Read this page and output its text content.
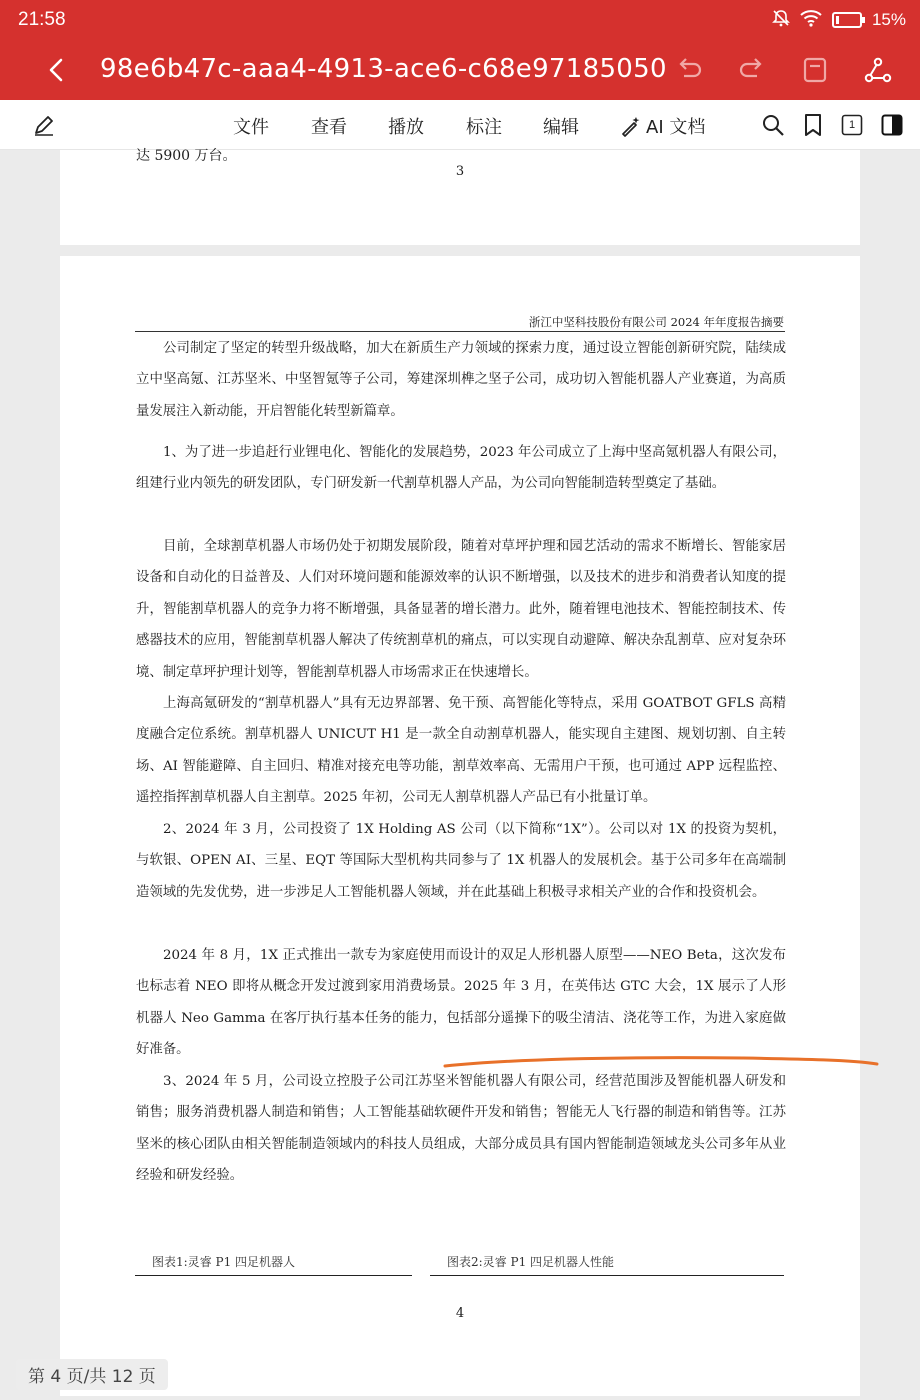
21:58	15%
98e6b47c-aaa4-4913-ace6-c68e97185050
文件 查看 播放 标注 编辑	AI 文档	1
达 5900 万台。
3
浙江中坚科技股份有限公司 2024 年年度报告摘要

公司制定了坚定的转型升级战略，加大在新质生产力领域的探索力度，通过设立智能创新研究院，陆续成立中坚高氪、江苏坚米、中坚智氪等子公司，筹建深圳榫之坚子公司，成功切入智能机器人产业赛道，为高质量发展注入新动能，开启智能化转型新篇章。

1、为了进一步追赶行业锂电化、智能化的发展趋势，2023 年公司成立了上海中坚高氪机器人有限公司，组建行业内领先的研发团队，专门研发新一代割草机器人产品，为公司向智能制造转型奠定了基础。

目前，全球割草机器人市场仍处于初期发展阶段，随着对草坪护理和园艺活动的需求不断增长、智能家居设备和自动化的日益普及、人们对环境问题和能源效率的认识不断增强，以及技术的进步和消费者认知度的提升，智能割草机器人的竞争力将不断增强，具备显著的增长潜力。此外，随着锂电池技术、智能控制技术、传感器技术的应用，智能割草机器人解决了传统割草机的痛点，可以实现自动避障、解决杂乱割草、应对复杂环境、制定草坪护理计划等，智能割草机器人市场需求正在快速增长。

上海高氪研发的“割草机器人”具有无边界部署、免干预、高智能化等特点，采用 GOATBOT GFLS 高精度融合定位系统。割草机器人 UNICUT H1 是一款全自动割草机器人，能实现自主建图、规划切割、自主转场、AI 智能避障、自主回归、精准对接充电等功能，割草效率高、无需用户干预，也可通过 APP 远程监控、遥控指挥割草机器人自主割草。2025 年初，公司无人割草机器人产品已有小批量订单。

2、2024 年 3 月，公司投资了 1X Holding AS 公司（以下简称“1X”）。公司以对 1X 的投资为契机，与软银、OPEN AI、三星、EQT 等国际大型机构共同参与了 1X 机器人的发展机会。基于公司多年在高端制造领域的先发优势，进一步涉足人工智能机器人领域，并在此基础上积极寻求相关产业的合作和投资机会。

2024 年 8 月，1X 正式推出一款专为家庭使用而设计的双足人形机器人原型——NEO Beta，这次发布也标志着 NEO 即将从概念开发过渡到家用消费场景。2025 年 3 月，在英伟达 GTC 大会，1X 展示了人形机器人 Neo Gamma 在客厅执行基本任务的能力，包括部分遥操下的吸尘清洁、浇花等工作，为进入家庭做好准备。

3、2024 年 5 月，公司设立控股子公司江苏坚米智能机器人有限公司，经营范围涉及智能机器人研发和销售；服务消费机器人制造和销售；人工智能基础软硬件开发和销售；智能无人飞行器的制造和销售等。江苏坚米的核心团队由相关智能制造领域内的科技人员组成，大部分成员具有国内智能制造领域龙头公司多年从业经验和研发经验。

图表1:灵睿 P1 四足机器人	图表2:灵睿 P1 四足机器人性能
4
第 4 页/共 12 页
